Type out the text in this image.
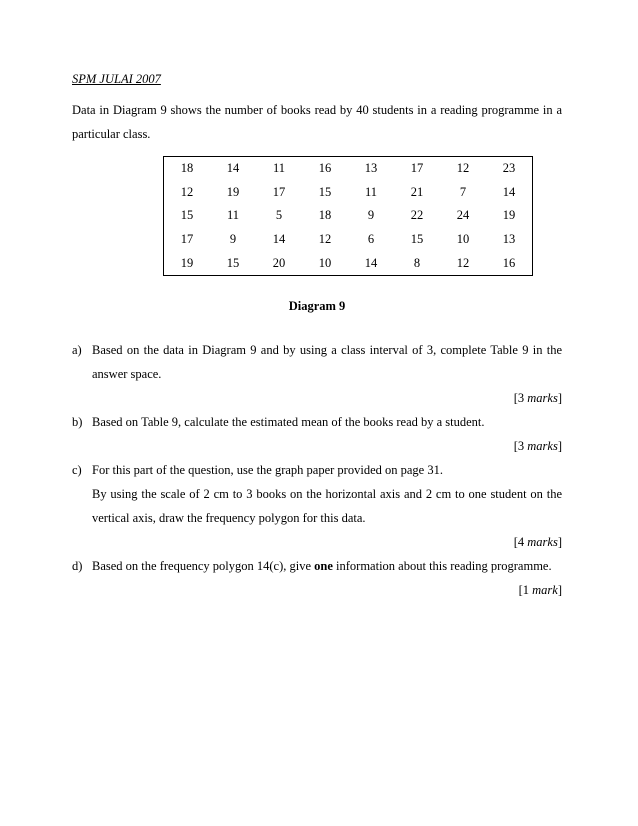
SPM JULAI 2007

Data in Diagram 9 shows the number of books read by 40 students in a reading programme in a particular class.

18	14	11	16	13	17	12	23
12	19	17	15	11	21	7	14
15	11	5	18	9	22	24	19
17	9	14	12	6	15	10	13
19	15	20	10	14	8	12	16
Diagram 9
a) Based on the data in Diagram 9 and by using a class interval of 3, complete Table 9 in the answer space.
[3 marks]
b) Based on Table 9, calculate the estimated mean of the books read by a student.
[3 marks]
c) For this part of the question, use the graph paper provided on page 31.
By using the scale of 2 cm to 3 books on the horizontal axis and 2 cm to one student on the vertical axis, draw the frequency polygon for this data.
[4 marks]
d) Based on the frequency polygon 14(c), give one information about this reading programme.
[1 mark]
